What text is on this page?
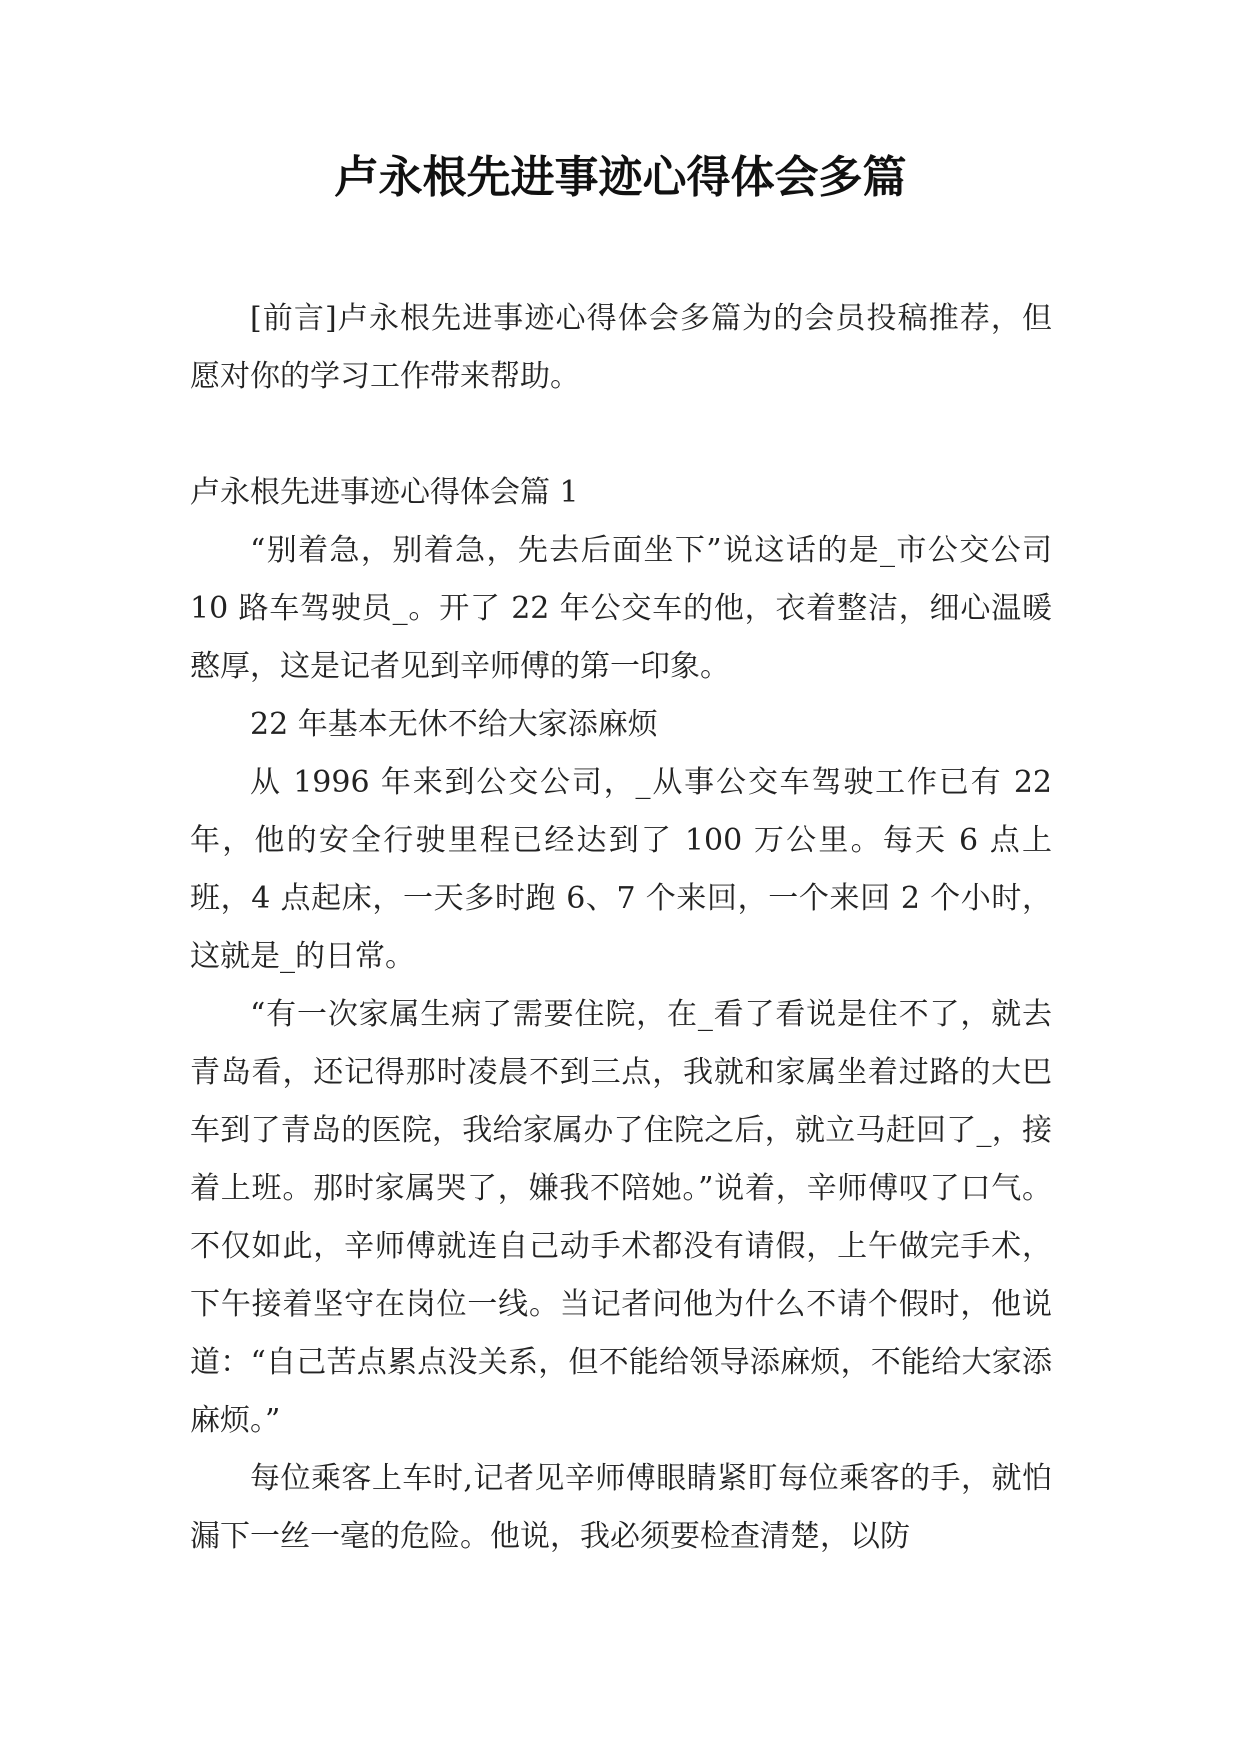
卢永根先进事迹心得体会多篇

[前言]卢永根先进事迹心得体会多篇为的会员投稿推荐，但愿对你的学习工作带来帮助。

卢永根先进事迹心得体会篇 1

“别着急，别着急，先去后面坐下”说这话的是_市公交公司 10 路车驾驶员_。开了 22 年公交车的他，衣着整洁，细心温暖憨厚，这是记者见到辛师傅的第一印象。

22 年基本无休不给大家添麻烦

从 1996 年来到公交公司，_从事公交车驾驶工作已有 22 年，他的安全行驶里程已经达到了 100 万公里。每天 6 点上班，4 点起床，一天多时跑 6、7 个来回，一个来回 2 个小时，这就是_的日常。

“有一次家属生病了需要住院，在_看了看说是住不了，就去青岛看，还记得那时凌晨不到三点，我就和家属坐着过路的大巴车到了青岛的医院，我给家属办了住院之后，就立马赶回了_，接着上班。那时家属哭了，嫌我不陪她。”说着，辛师傅叹了口气。不仅如此，辛师傅就连自己动手术都没有请假，上午做完手术，下午接着坚守在岗位一线。当记者问他为什么不请个假时，他说道：“自己苦点累点没关系，但不能给领导添麻烦，不能给大家添麻烦。”

每位乘客上车时,记者见辛师傅眼睛紧盯每位乘客的手，就怕漏下一丝一毫的危险。他说，我必须要检查清楚，以防
